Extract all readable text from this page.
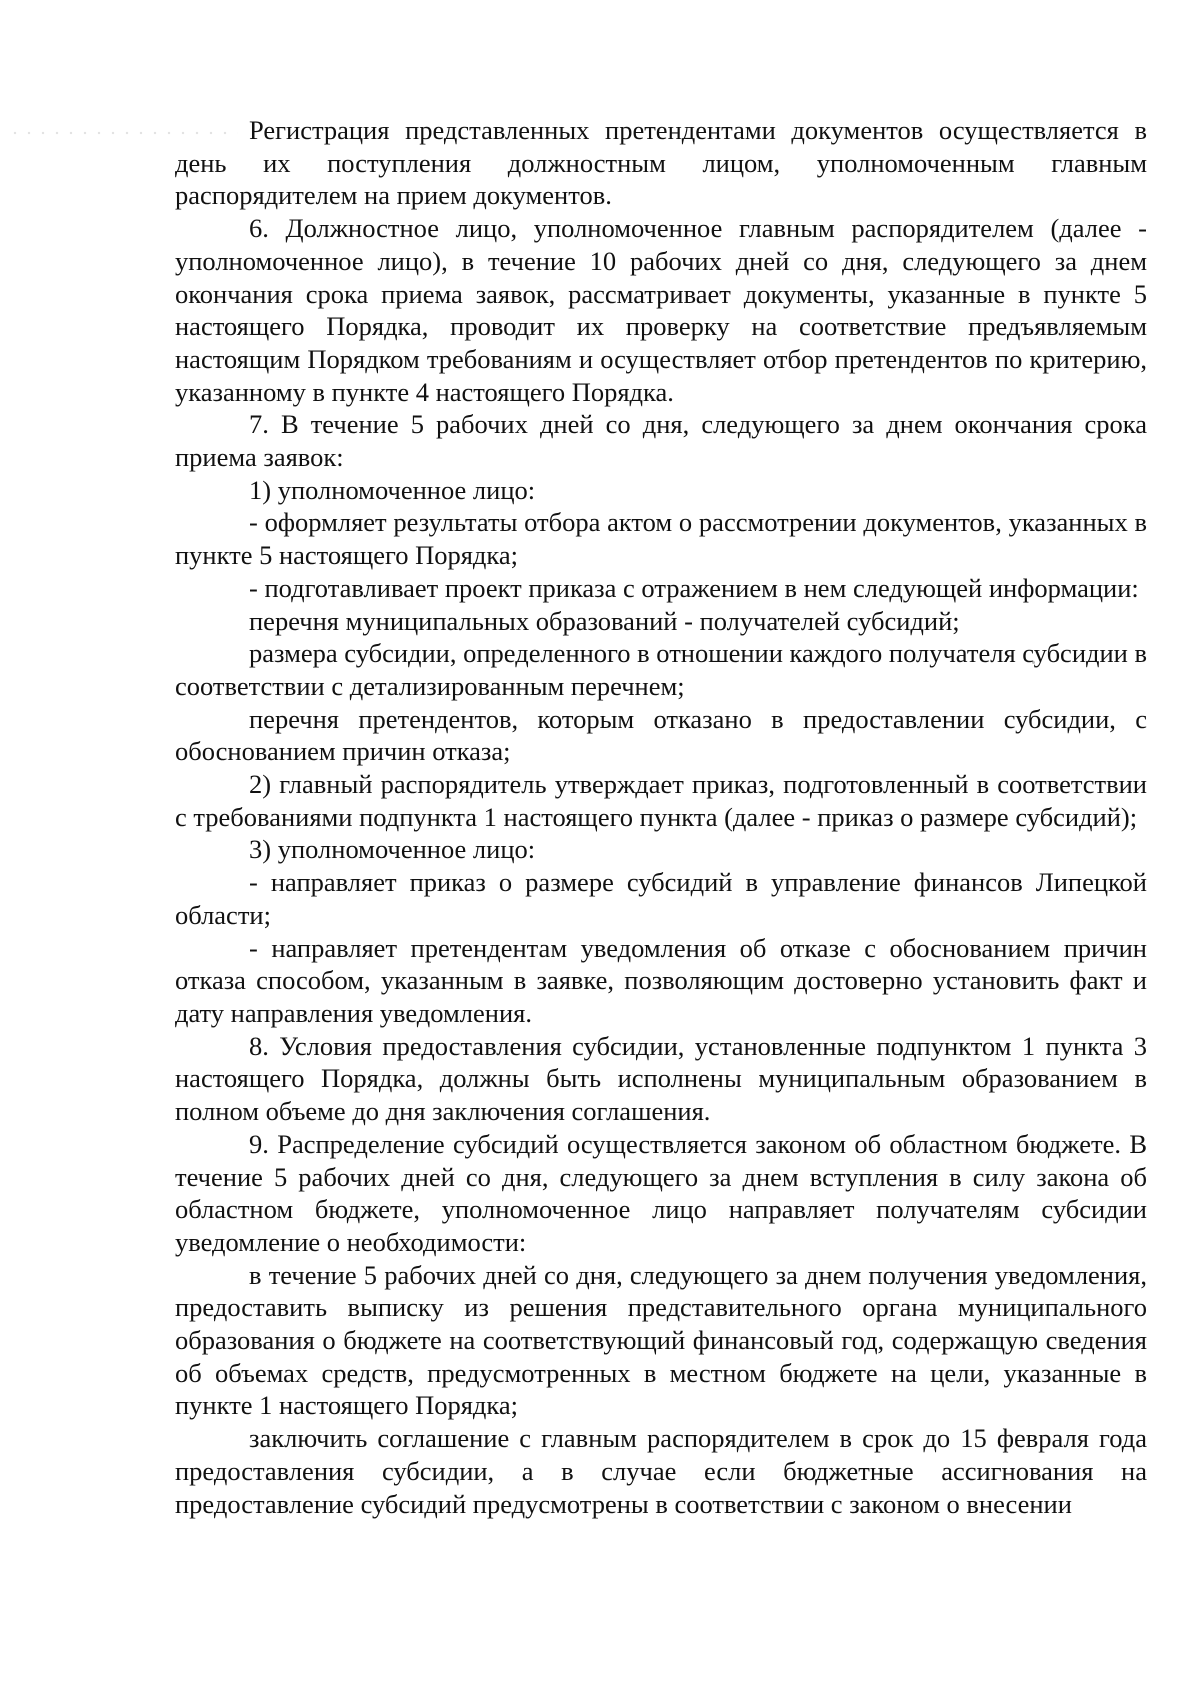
Регистрация представленных претендентами документов осуществляется в день их поступления должностным лицом, уполномоченным главным распорядителем на прием документов.

6. Должностное лицо, уполномоченное главным распорядителем (далее - уполномоченное лицо), в течение 10 рабочих дней со дня, следующего за днем окончания срока приема заявок, рассматривает документы, указанные в пункте 5 настоящего Порядка, проводит их проверку на соответствие предъявляемым настоящим Порядком требованиям и осуществляет отбор претендентов по критерию, указанному в пункте 4 настоящего Порядка.

7. В течение 5 рабочих дней со дня, следующего за днем окончания срока приема заявок:

1) уполномоченное лицо:

- оформляет результаты отбора актом о рассмотрении документов, указанных в пункте 5 настоящего Порядка;

- подготавливает проект приказа с отражением в нем следующей информации:

перечня муниципальных образований - получателей субсидий;

размера субсидии, определенного в отношении каждого получателя субсидии в соответствии с детализированным перечнем;

перечня претендентов, которым отказано в предоставлении субсидии, с обоснованием причин отказа;

2) главный распорядитель утверждает приказ, подготовленный в соответствии с требованиями подпункта 1 настоящего пункта (далее - приказ о размере субсидий);

3) уполномоченное лицо:

- направляет приказ о размере субсидий в управление финансов Липецкой области;

- направляет претендентам уведомления об отказе с обоснованием причин отказа способом, указанным в заявке, позволяющим достоверно установить факт и дату направления уведомления.

8. Условия предоставления субсидии, установленные подпунктом 1 пункта 3 настоящего Порядка, должны быть исполнены муниципальным образованием в полном объеме до дня заключения соглашения.

9. Распределение субсидий осуществляется законом об областном бюджете. В течение 5 рабочих дней со дня, следующего за днем вступления в силу закона об областном бюджете, уполномоченное лицо направляет получателям субсидии уведомление о необходимости:

в течение 5 рабочих дней со дня, следующего за днем получения уведомления, предоставить выписку из решения представительного органа муниципального образования о бюджете на соответствующий финансовый год, содержащую сведения об объемах средств, предусмотренных в местном бюджете на цели, указанные в пункте 1 настоящего Порядка;

заключить соглашение с главным распорядителем в срок до 15 февраля года предоставления субсидии, а в случае если бюджетные ассигнования на предоставление субсидий предусмотрены в соответствии с законом о внесении
